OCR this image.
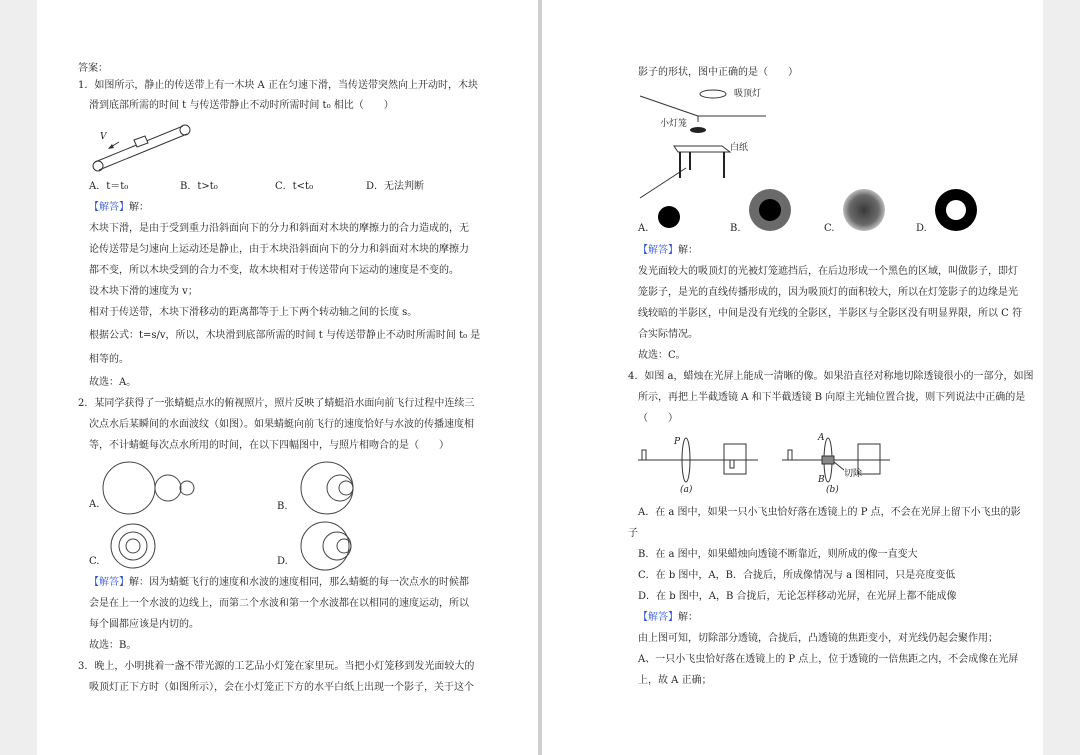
答案：
1．如图所示，静止的传送带上有一木块 A 正在匀速下滑，当传送带突然向上开动时，木块
滑到底部所需的时间 t 与传送带静止不动时所需时间 t₀ 相比（　　）
V
A．t＝t₀	B．t>t₀	C．t<t₀	D．无法判断
【解答】解：
木块下滑，是由于受到重力沿斜面向下的分力和斜面对木块的摩擦力的合力造成的，无
论传送带是匀速向上运动还是静止，由于木块沿斜面向下的分力和斜面对木块的摩擦力
都不变，所以木块受到的合力不变，故木块相对于传送带向下运动的速度是不变的。
设木块下滑的速度为 v；
相对于传送带，木块下滑移动的距离都等于上下两个转动轴之间的长度 s。
根据公式：t=s/v，所以，木块滑到底部所需的时间 t 与传送带静止不动时所需时间 t₀ 是
相等的。
故选：A。
2．某同学获得了一张蜻蜓点水的俯视照片，照片反映了蜻蜓沿水面向前飞行过程中连续三
次点水后某瞬间的水面波纹（如图）。如果蜻蜓向前飞行的速度恰好与水波的传播速度相
等，不计蜻蜓每次点水所用的时间，在以下四幅图中，与照片相吻合的是（　　）
A.	B.
C.	D.
【解答】解：因为蜻蜓飞行的速度和水波的速度相同，那么蜻蜓的每一次点水的时候都
会是在上一个水波的边线上，而第二个水波和第一个水波都在以相同的速度运动，所以
每个圆都应该是内切的。
故选：B。
3．晚上，小明挑着一盏不带光源的工艺品小灯笼在家里玩。当把小灯笼移到发光面较大的
吸顶灯正下方时（如图所示），会在小灯笼正下方的水平白纸上出现一个影子，关于这个
影子的形状，图中正确的是（　　）
吸顶灯
小灯笼
白纸
A.	B.	C.	D.
【解答】解：
发光面较大的吸顶灯的光被灯笼遮挡后，在后边形成一个黑色的区域，叫做影子，即灯
笼影子，是光的直线传播形成的，因为吸顶灯的面积较大，所以在灯笼影子的边缘是光
线较暗的半影区，中间是没有光线的全影区，半影区与全影区没有明显界限，所以 C 符
合实际情况。
故选：C。
4．如图 a，蜡烛在光屏上能成一清晰的像。如果沿直径对称地切除透镜很小的一部分，如图
所示，再把上半截透镜 A 和下半截透镜 B 向原主光轴位置合拢，则下列说法中正确的是
（　　）
P
(a)
A
B
切除
(b)
A．在 a 图中，如果一只小飞虫恰好落在透镜上的 P 点，不会在光屏上留下小飞虫的影
子
B．在 a 图中，如果蜡烛向透镜不断靠近，则所成的像一直变大
C．在 b 图中，A，B．合拢后，所成像情况与 a 图相同，只是亮度变低
D．在 b 图中，A，B 合拢后，无论怎样移动光屏，在光屏上都不能成像
【解答】解：
由上图可知，切除部分透镜，合拢后，凸透镜的焦距变小，对光线仍起会聚作用；
A、一只小飞虫恰好落在透镜上的 P 点上，位于透镜的一倍焦距之内，不会成像在光屏
上，故 A 正确；
